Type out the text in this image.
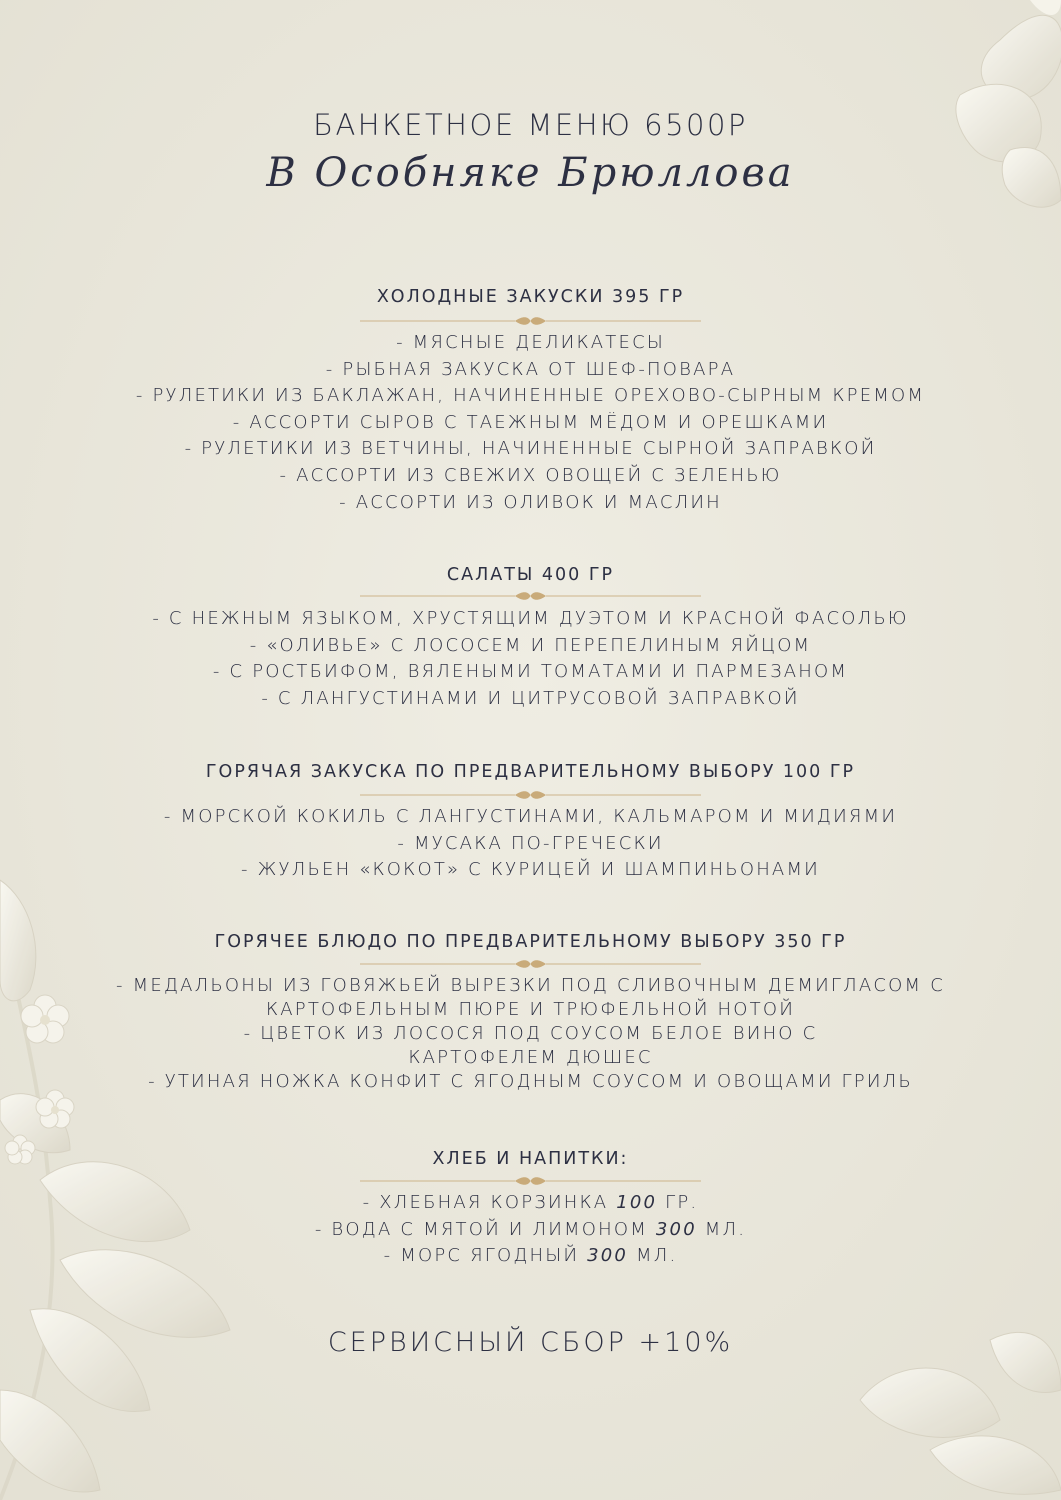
БАНКЕТНОЕ МЕНЮ 6500Р
В Особняке Брюллова
ХОЛОДНЫЕ ЗАКУСКИ 395 ГР
- МЯСНЫЕ ДЕЛИКАТЕСЫ
- РЫБНАЯ ЗАКУСКА ОТ ШЕФ-ПОВАРА
- РУЛЕТИКИ ИЗ БАКЛАЖАН, НАЧИНЕННЫЕ ОРЕХОВО-СЫРНЫМ КРЕМОМ
- АССОРТИ СЫРОВ С ТАЕЖНЫМ МЁДОМ И ОРЕШКАМИ
- РУЛЕТИКИ ИЗ ВЕТЧИНЫ, НАЧИНЕННЫЕ СЫРНОЙ ЗАПРАВКОЙ
- АССОРТИ ИЗ СВЕЖИХ ОВОЩЕЙ С ЗЕЛЕНЬЮ
- АССОРТИ ИЗ ОЛИВОК И МАСЛИН
САЛАТЫ 400 ГР
- С НЕЖНЫМ ЯЗЫКОМ, ХРУСТЯЩИМ ДУЭТОМ И КРАСНОЙ ФАСОЛЬЮ
- «ОЛИВЬЕ» С ЛОСОСЕМ И ПЕРЕПЕЛИНЫМ ЯЙЦОМ
- С РОСТБИФОМ, ВЯЛЕНЫМИ ТОМАТАМИ И ПАРМЕЗАНОМ
- С ЛАНГУСТИНАМИ И ЦИТРУСОВОЙ ЗАПРАВКОЙ
ГОРЯЧАЯ ЗАКУСКА ПО ПРЕДВАРИТЕЛЬНОМУ ВЫБОРУ 100 ГР
- МОРСКОЙ КОКИЛЬ С ЛАНГУСТИНАМИ, КАЛЬМАРОМ И МИДИЯМИ
- МУСАКА ПО-ГРЕЧЕСКИ
- ЖУЛЬЕН «КОКОТ» С КУРИЦЕЙ И ШАМПИНЬОНАМИ
ГОРЯЧЕЕ БЛЮДО ПО ПРЕДВАРИТЕЛЬНОМУ ВЫБОРУ 350 ГР
- МЕДАЛЬОНЫ ИЗ ГОВЯЖЬЕЙ ВЫРЕЗКИ ПОД СЛИВОЧНЫМ ДЕМИГЛАСОМ С
КАРТОФЕЛЬНЫМ ПЮРЕ И ТРЮФЕЛЬНОЙ НОТОЙ
- ЦВЕТОК ИЗ ЛОСОСЯ ПОД СОУСОМ БЕЛОЕ ВИНО С
КАРТОФЕЛЕМ ДЮШЕС
- УТИНАЯ НОЖКА КОНФИТ С ЯГОДНЫМ СОУСОМ И ОВОЩАМИ ГРИЛЬ
ХЛЕБ И НАПИТКИ:
- ХЛЕБНАЯ КОРЗИНКА 100 ГР.
- ВОДА С МЯТОЙ И ЛИМОНОМ 300 МЛ.
- МОРС ЯГОДНЫЙ 300 МЛ.
СЕРВИСНЫЙ СБОР +10%
